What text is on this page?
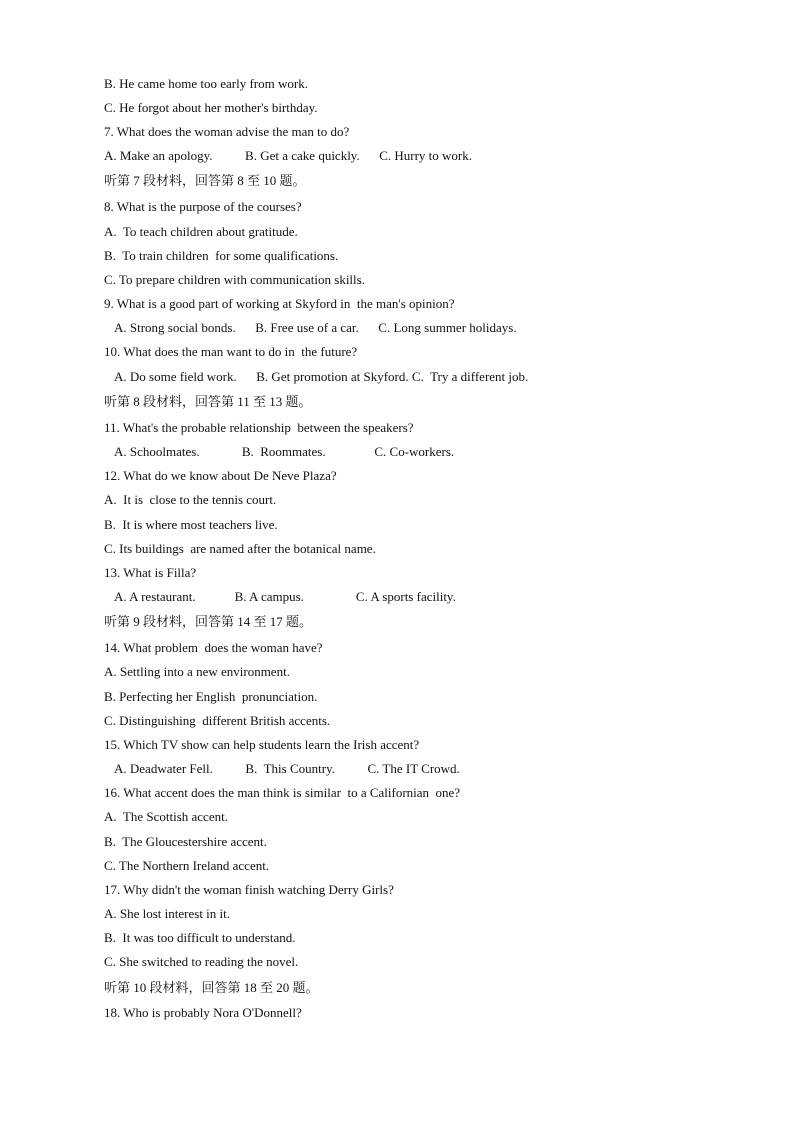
B. He came home too early from work.
C. He forgot about her mother's birthday.
7. What does the woman advise the man to do?
A. Make an apology.          B. Get a cake quickly.      C. Hurry to work.
听第 7 段材料，回答第 8 至 10 题。
8. What is the purpose of the courses?
A.  To teach children about gratitude.
B.  To train children  for some qualifications.
C. To prepare children with communication skills.
9. What is a good part of working at Skyford in  the man's opinion?
A. Strong social bonds.      B. Free use of a car.      C. Long summer holidays.
10. What does the man want to do in  the future?
A. Do some field work.      B. Get promotion at Skyford. C.  Try a different job.
听第 8 段材料，回答第 11 至 13 题。
11. What's the probable relationship  between the speakers?
A. Schoolmates.             B.  Roommates.               C. Co-workers.
12. What do we know about De Neve Plaza?
A.  It is  close to the tennis court.
B.  It is where most teachers live.
C. Its buildings  are named after the botanical name.
13. What is Filla?
A. A restaurant.            B. A campus.                C. A sports facility.
听第 9 段材料，回答第 14 至 17 题。
14. What problem  does the woman have?
A. Settling into a new environment.
B. Perfecting her English  pronunciation.
C. Distinguishing  different British accents.
15. Which TV show can help students learn the Irish accent?
A. Deadwater Fell.          B.  This Country.          C. The IT Crowd.
16. What accent does the man think is similar  to a Californian  one?
A.  The Scottish accent.
B.  The Gloucestershire accent.
C. The Northern Ireland accent.
17. Why didn't the woman finish watching Derry Girls?
A. She lost interest in it.
B.  It was too difficult to understand.
C. She switched to reading the novel.
听第 10 段材料，回答第 18 至 20 题。
18. Who is probably Nora O'Donnell?
